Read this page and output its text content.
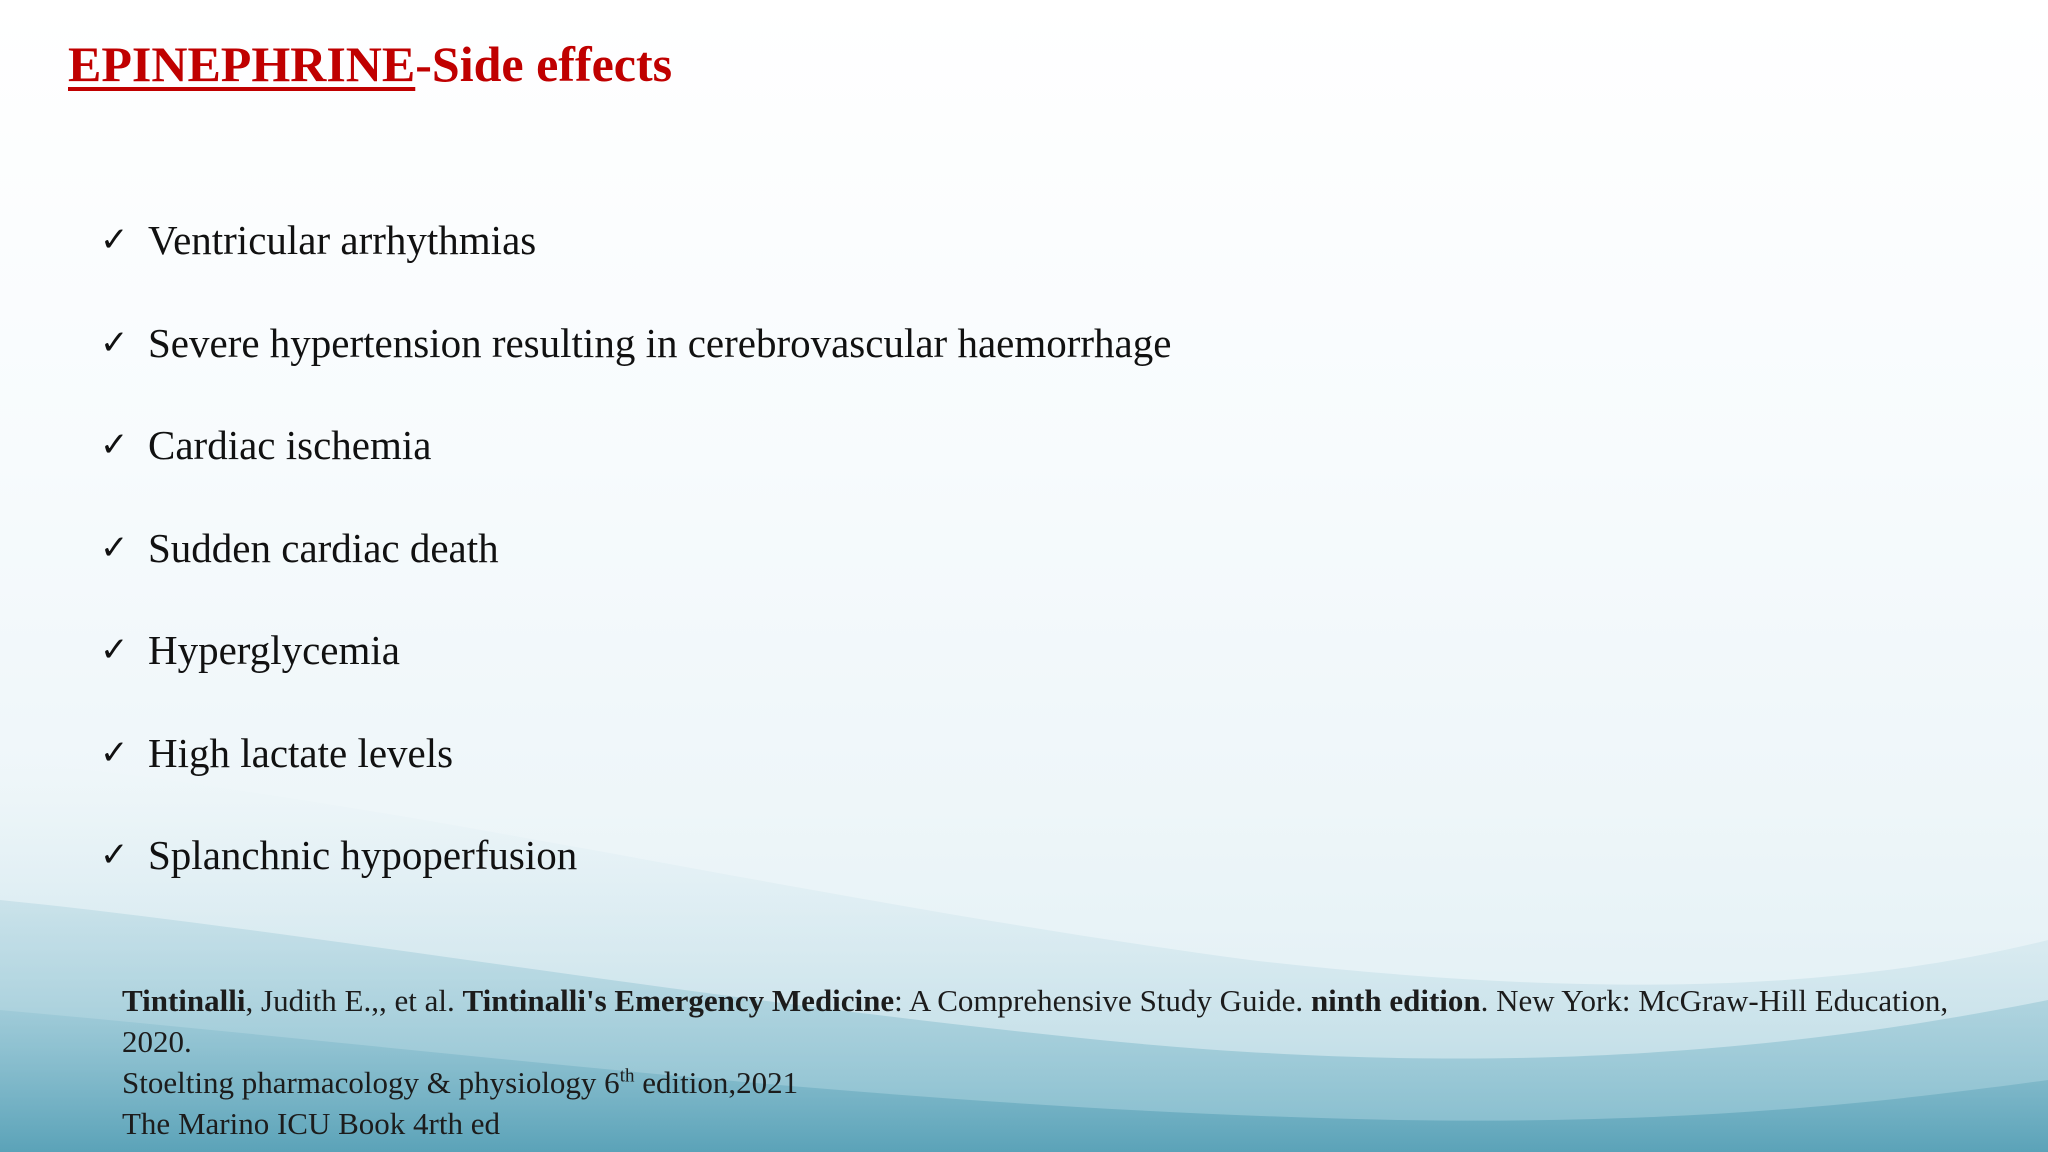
EPINEPHRINE-Side effects
✓ Ventricular arrhythmias
✓ Severe hypertension resulting in cerebrovascular haemorrhage
✓ Cardiac ischemia
✓ Sudden cardiac death
✓ Hyperglycemia
✓ High lactate levels
✓ Splanchnic hypoperfusion

Tintinalli, Judith E.,, et al. Tintinalli's Emergency Medicine: A Comprehensive Study Guide. ninth edition. New York: McGraw-Hill Education, 2020.

Stoelting pharmacology & physiology 6th edition,2021

The Marino ICU Book 4rth ed
